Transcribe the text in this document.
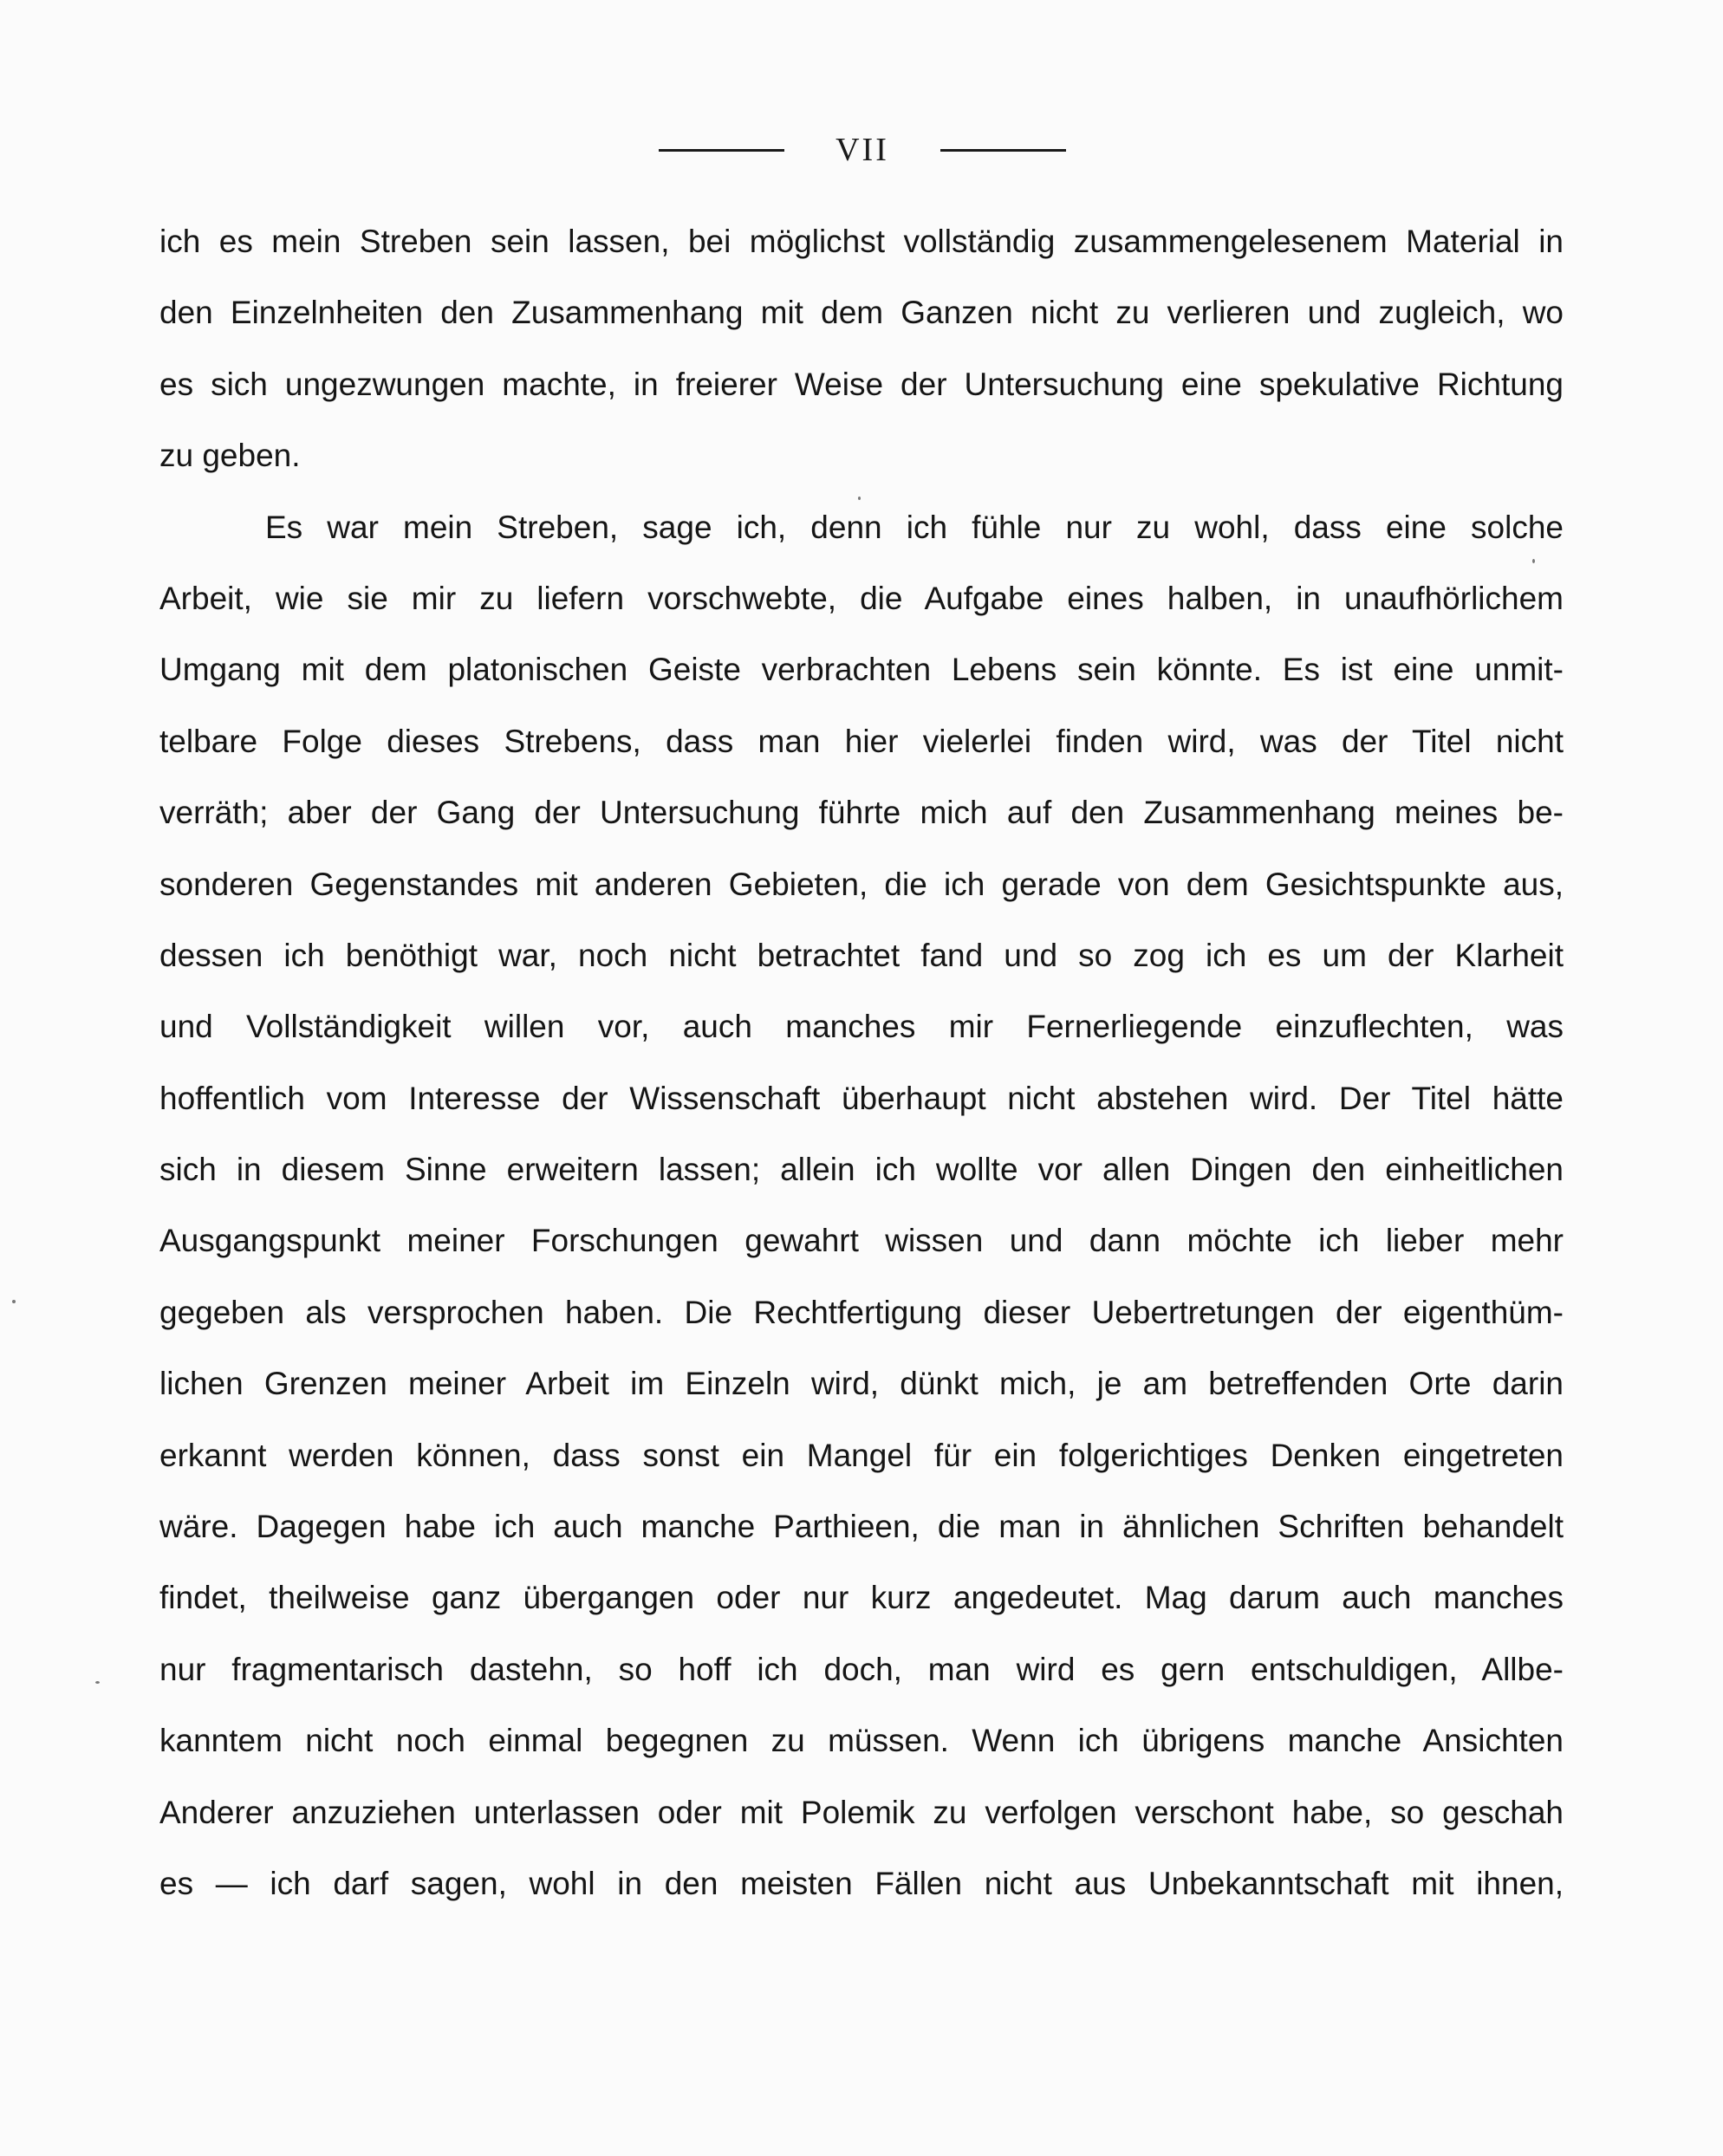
VII
ich es mein Streben sein lassen, bei möglichst vollständig zusammengelesenem Material in
den Einzelnheiten den Zusammenhang mit dem Ganzen nicht zu verlieren und zugleich, wo
es sich ungezwungen machte, in freierer Weise der Untersuchung eine spekulative Richtung
zu geben.
Es war mein Streben, sage ich, denn ich fühle nur zu wohl, dass eine solche
Arbeit, wie sie mir zu liefern vorschwebte, die Aufgabe eines halben, in unaufhörlichem
Umgang mit dem platonischen Geiste verbrachten Lebens sein könnte. Es ist eine unmit-
telbare Folge dieses Strebens, dass man hier vielerlei finden wird, was der Titel nicht
verräth; aber der Gang der Untersuchung führte mich auf den Zusammenhang meines be-
sonderen Gegenstandes mit anderen Gebieten, die ich gerade von dem Gesichtspunkte aus,
dessen ich benöthigt war, noch nicht betrachtet fand und so zog ich es um der Klarheit
und Vollständigkeit willen vor, auch manches mir Fernerliegende einzuflechten, was
hoffentlich vom Interesse der Wissenschaft überhaupt nicht abstehen wird. Der Titel hätte
sich in diesem Sinne erweitern lassen; allein ich wollte vor allen Dingen den einheitlichen
Ausgangspunkt meiner Forschungen gewahrt wissen und dann möchte ich lieber mehr
gegeben als versprochen haben. Die Rechtfertigung dieser Uebertretungen der eigenthüm-
lichen Grenzen meiner Arbeit im Einzeln wird, dünkt mich, je am betreffenden Orte darin
erkannt werden können, dass sonst ein Mangel für ein folgerichtiges Denken eingetreten
wäre. Dagegen habe ich auch manche Parthieen, die man in ähnlichen Schriften behandelt
findet, theilweise ganz übergangen oder nur kurz angedeutet. Mag darum auch manches
nur fragmentarisch dastehn, so hoff ich doch, man wird es gern entschuldigen, Allbe-
kanntem nicht noch einmal begegnen zu müssen. Wenn ich übrigens manche Ansichten
Anderer anzuziehen unterlassen oder mit Polemik zu verfolgen verschont habe, so geschah
es — ich darf sagen, wohl in den meisten Fällen nicht aus Unbekanntschaft mit ihnen,
